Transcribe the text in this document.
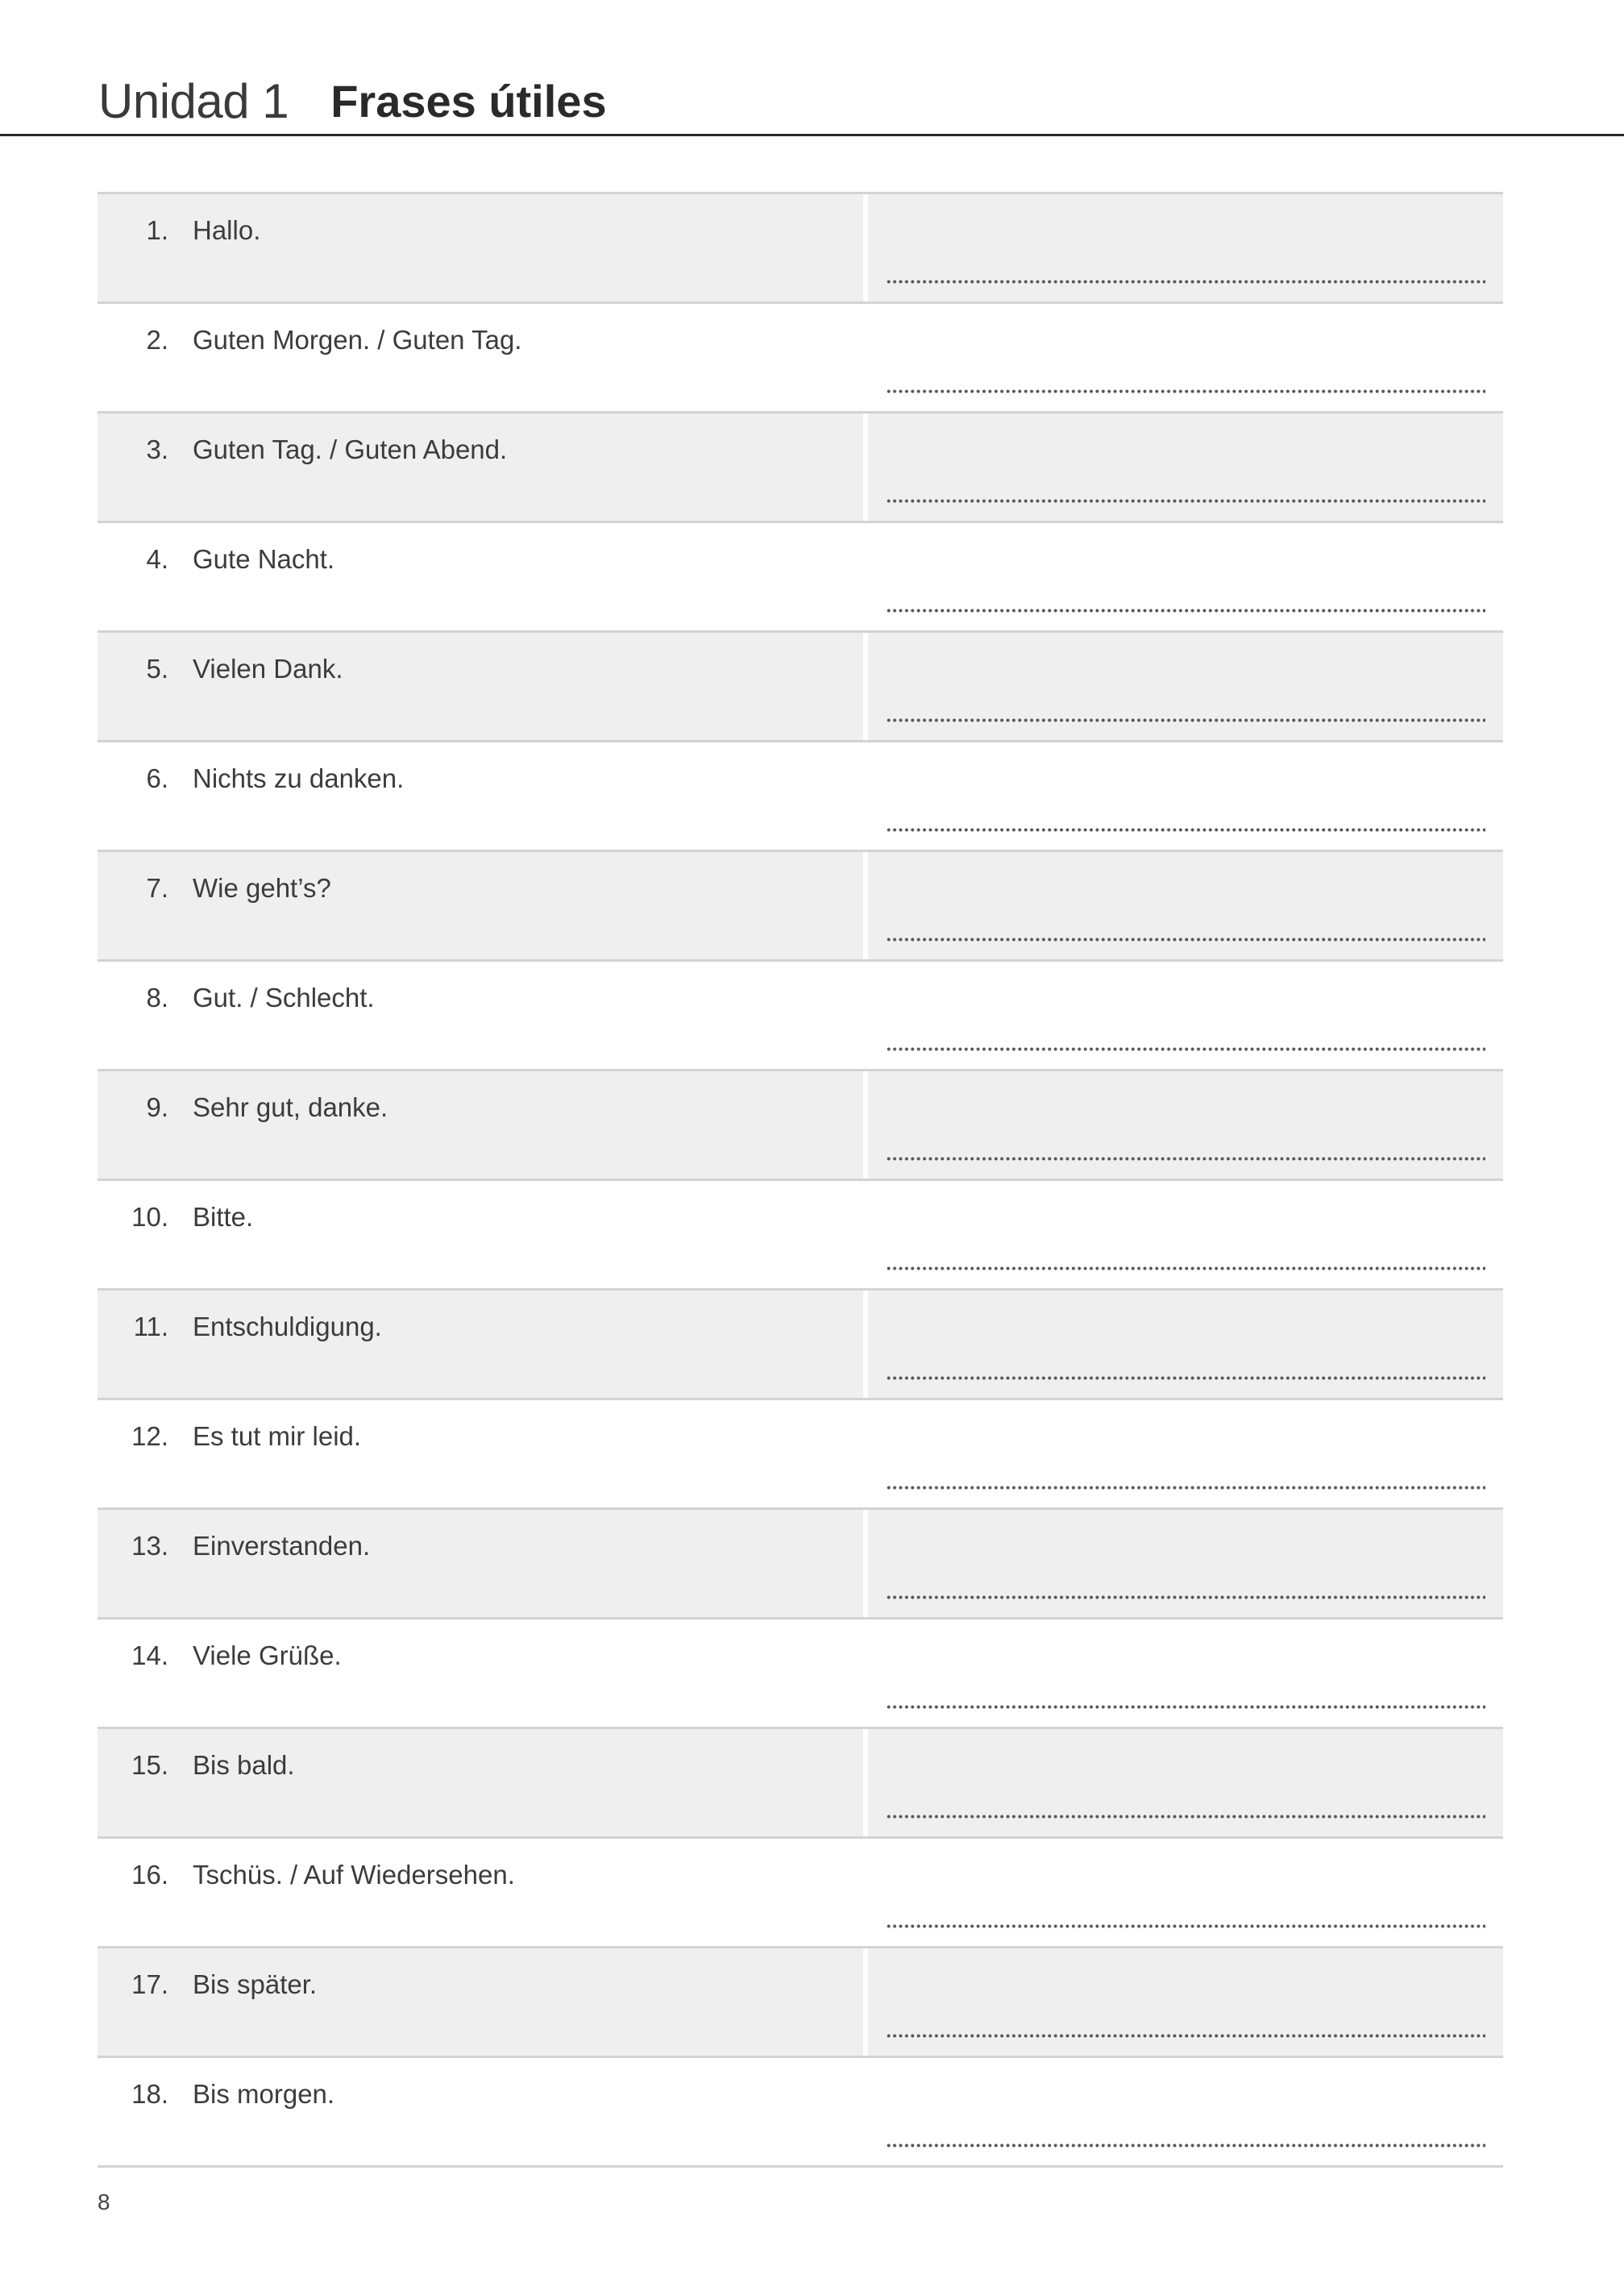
Unidad 1 Frases útiles
1. Hallo.
2. Guten Morgen. / Guten Tag.
3. Guten Tag. / Guten Abend.
4. Gute Nacht.
5. Vielen Dank.
6. Nichts zu danken.
7. Wie geht’s?
8. Gut. / Schlecht.
9. Sehr gut, danke.
10. Bitte.
11. Entschuldigung.
12. Es tut mir leid.
13. Einverstanden.
14. Viele Grüße.
15. Bis bald.
16. Tschüs. / Auf Wiedersehen.
17. Bis später.
18. Bis morgen.
8
